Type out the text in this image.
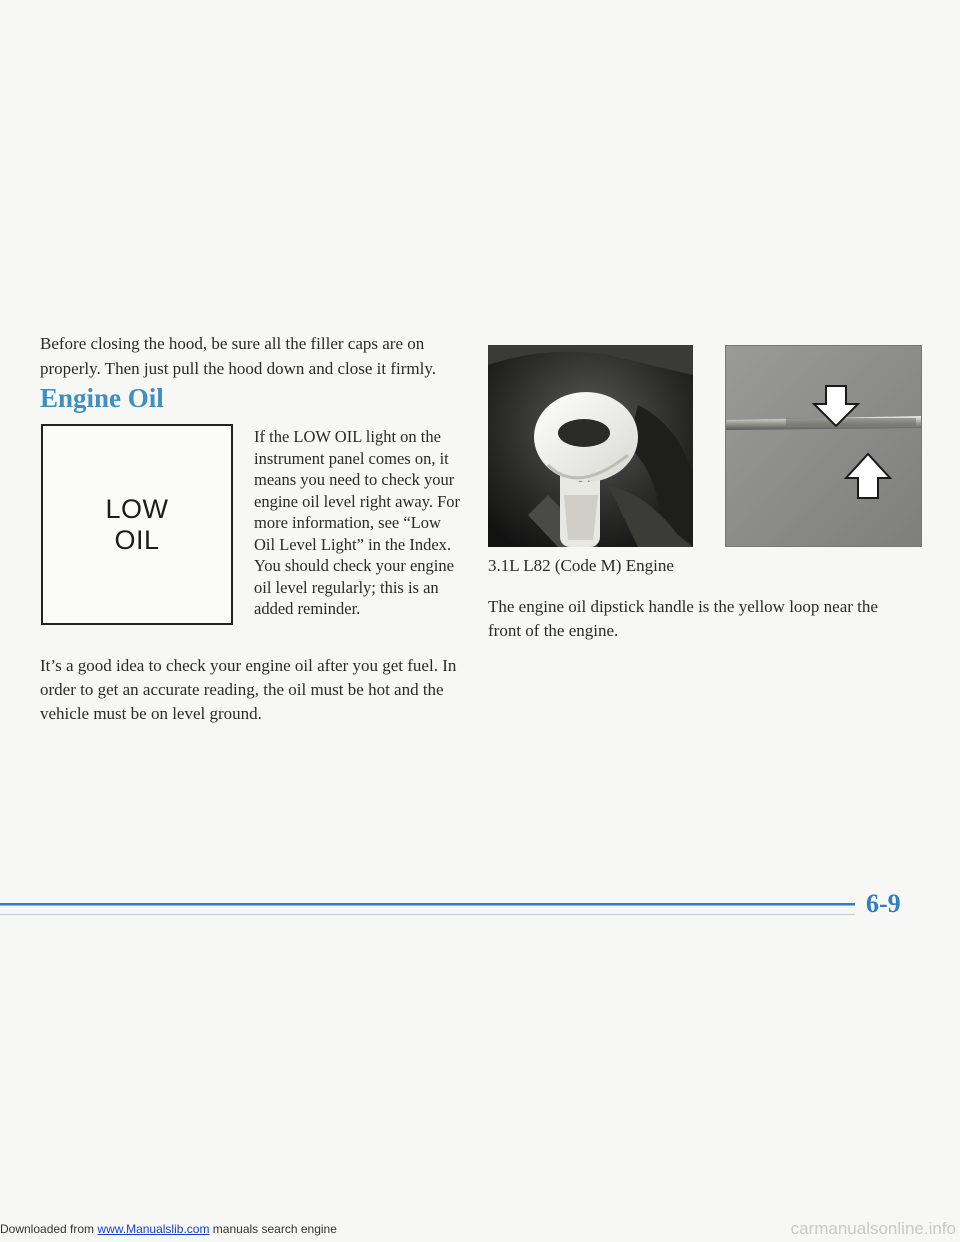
Before closing the hood, be sure all the filler caps are on properly. Then just pull the hood down and close it firmly.

Engine Oil
LOW
OIL

If the LOW OIL light on the instrument panel comes on, it means you need to check your engine oil level right away. For more information, see “Low Oil Level Light” in the Index. You should check your engine oil level regularly; this is an added reminder.

It’s a good idea to check your engine oil after you get fuel. In order to get an accurate reading, the oil must be hot and the vehicle must be on level ground.

- ·

3.1L L82 (Code M) Engine

The engine oil dipstick handle is the yellow loop near the front of the engine.

6-9

Downloaded from www.Manualslib.com manuals search engine	carmanualsonline.info
